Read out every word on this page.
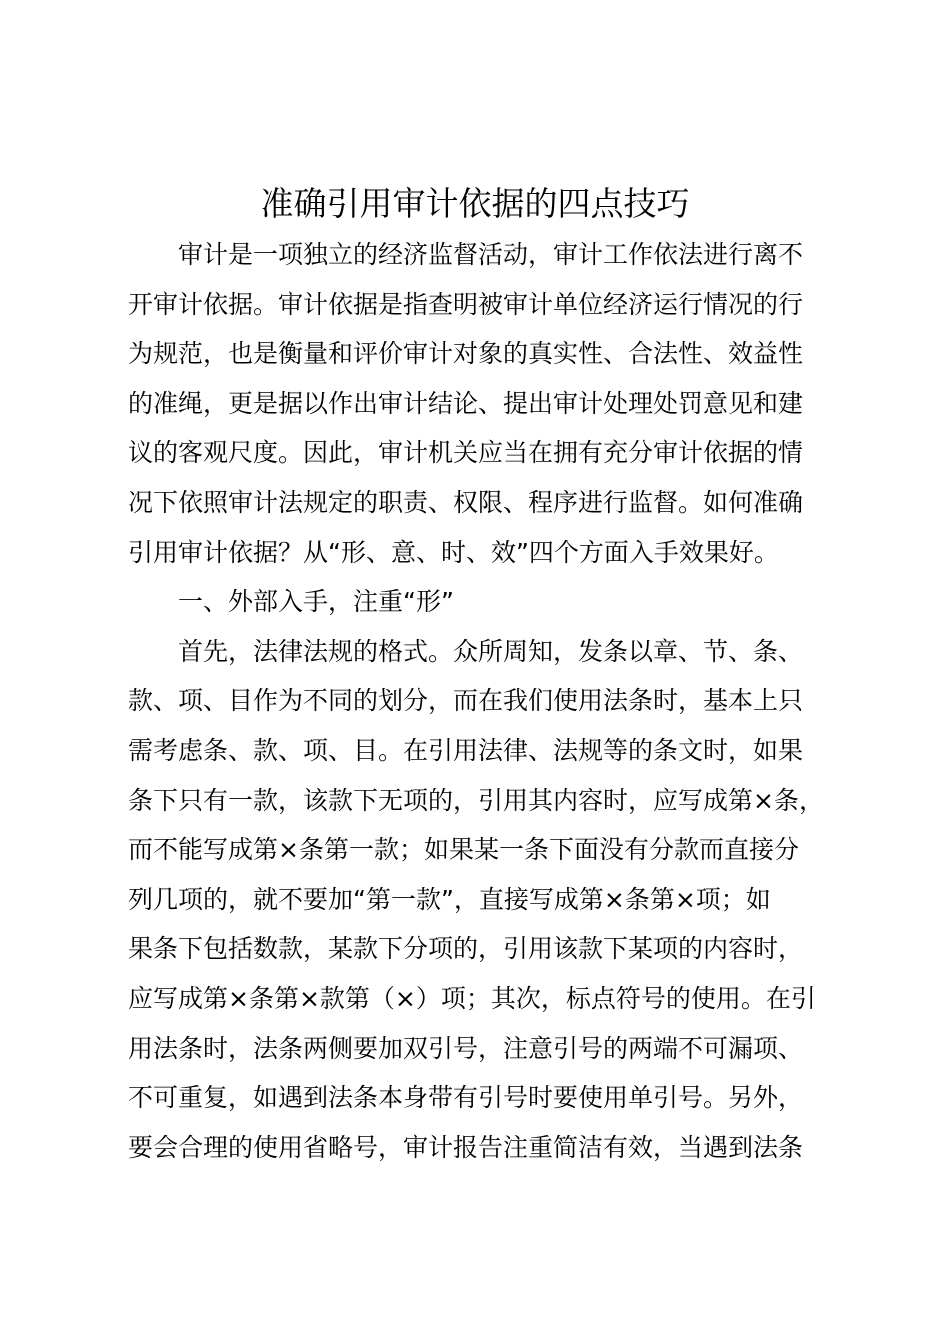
准确引用审计依据的四点技巧
审计是一项独立的经济监督活动，审计工作依法进行离不
开审计依据。审计依据是指查明被审计单位经济运行情况的行
为规范，也是衡量和评价审计对象的真实性、合法性、效益性
的准绳，更是据以作出审计结论、提出审计处理处罚意见和建
议的客观尺度。因此，审计机关应当在拥有充分审计依据的情
况下依照审计法规定的职责、权限、程序进行监督。如何准确
引用审计依据？从“形、意、时、效”四个方面入手效果好。
一、外部入手，注重“形”
首先，法律法规的格式。众所周知，发条以章、节、条、
款、项、目作为不同的划分，而在我们使用法条时，基本上只
需考虑条、款、项、目。在引用法律、法规等的条文时，如果
条下只有一款，该款下无项的，引用其内容时，应写成第×条，
而不能写成第×条第一款；如果某一条下面没有分款而直接分
列几项的，就不要加“第一款”，直接写成第×条第×项；如
果条下包括数款，某款下分项的，引用该款下某项的内容时，
应写成第×条第×款第（×）项；其次，标点符号的使用。在引
用法条时，法条两侧要加双引号，注意引号的两端不可漏项、
不可重复，如遇到法条本身带有引号时要使用单引号。另外，
要会合理的使用省略号，审计报告注重简洁有效，当遇到法条
